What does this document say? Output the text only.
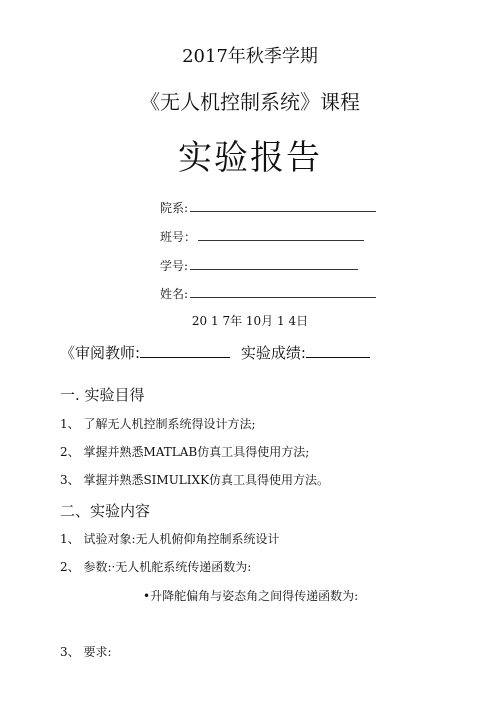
2017年秋季学期
《无人机控制系统》课程
实验报告
院系:
班号：
学号:
姓名:
20 1 7年 10月 1 4日
《审阅教师:	实验成绩:
一. 实验目得
1、 了解无人机控制系统得设计方法;
2、 掌握并熟悉MATLAB仿真工具得使用方法;
3、 掌握并熟悉SIMULIXK仿真工具得使用方法。
二、实验内容
1、 试验对象:无人机俯仰角控制系统设计
2、 参数:·无人机舵系统传递函数为:
•升降舵偏角与姿态角之间得传递函数为:
3、 要求:
